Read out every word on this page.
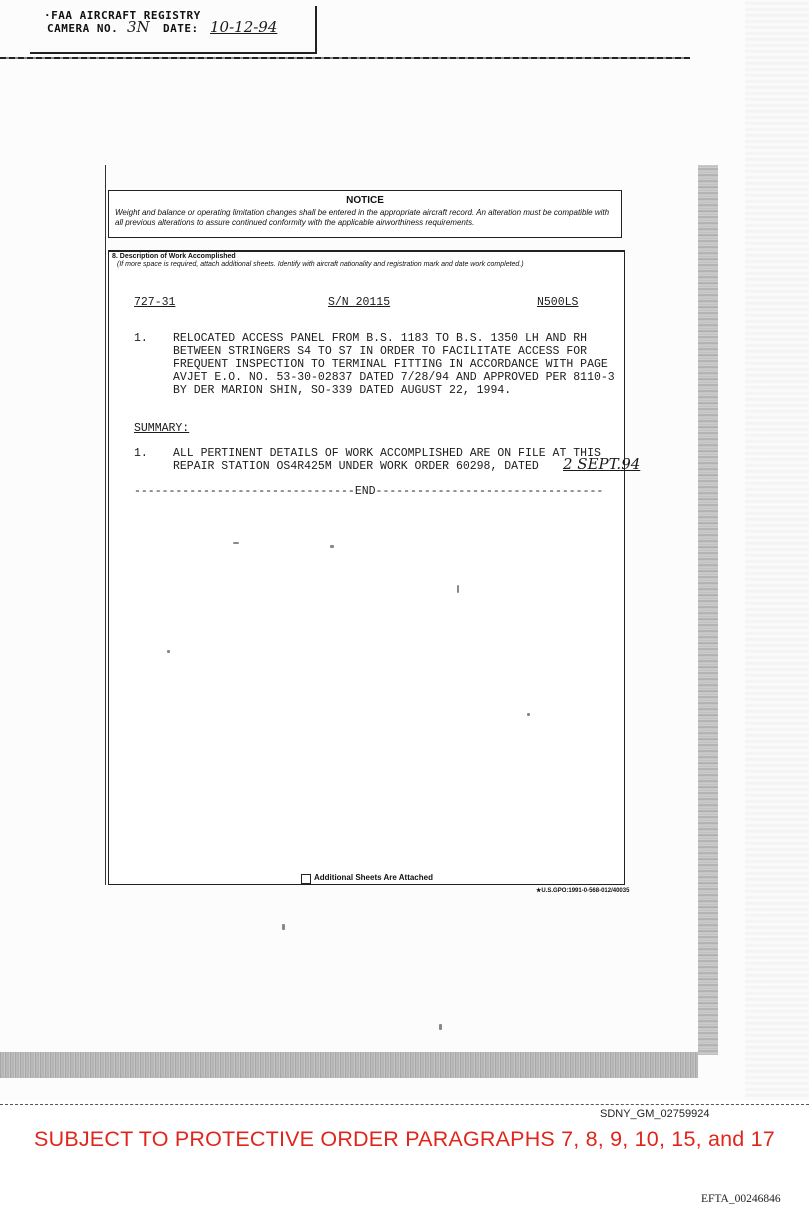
·FAA AIRCRAFT REGISTRY
CAMERA NO. 3N DATE: 10-12-94
NOTICE
Weight and balance or operating limitation changes shall be entered in the appropriate aircraft record. An alteration must be compatible with all previous alterations to assure continued conformity with the applicable airworthiness requirements.
8. Description of Work Accomplished
(If more space is required, attach additional sheets. Identify with aircraft nationality and registration mark and date work completed.)
727-31	S/N 20115	N500LS
1. RELOCATED ACCESS PANEL FROM B.S. 1183 TO B.S. 1350 LH AND RH
BETWEEN STRINGERS S4 TO S7 IN ORDER TO FACILITATE ACCESS FOR
FREQUENT INSPECTION TO TERMINAL FITTING IN ACCORDANCE WITH PAGE
AVJET E.O. NO. 53-30-02837 DATED 7/28/94 AND APPROVED PER 8110-3
BY DER MARION SHIN, SO-339 DATED AUGUST 22, 1994.
SUMMARY:
1. ALL PERTINENT DETAILS OF WORK ACCOMPLISHED ARE ON FILE AT THIS
REPAIR STATION OS4R425M UNDER WORK ORDER 60298, DATED 2 SEPT.94
--------------------------------END---------------------------------
Additional Sheets Are Attached
★U.S.GPO:1991-0-568-012/40035
SDNY_GM_02759924
SUBJECT TO PROTECTIVE ORDER PARAGRAPHS 7, 8, 9, 10, 15, and 17
EFTA_00246846
